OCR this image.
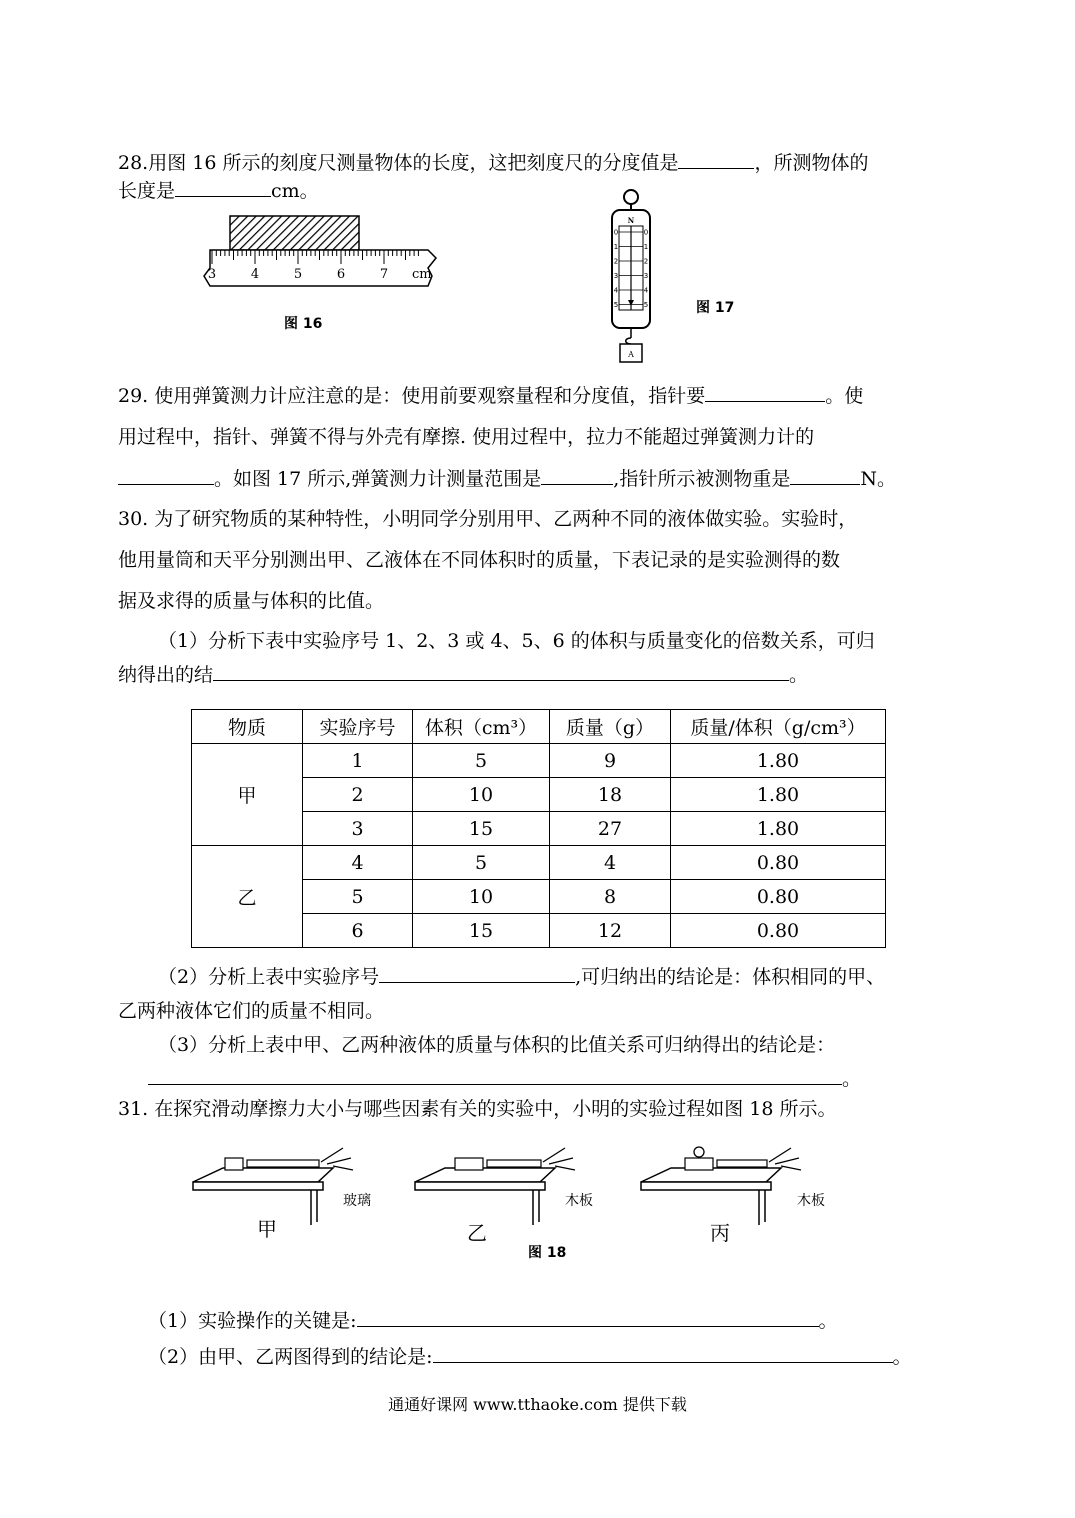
28.用图 16 所示的刻度尺测量物体的长度，这把刻度尺的分度值是	，所测物体的
长度是	cm。
3	4	5	6	7 cm
图 16
N
0	0
1	1
2	2
3	3
4	4
5	5
A
图 17
29. 使用弹簧测力计应注意的是：使用前要观察量程和分度值，指针要	。使
用过程中，指针、弹簧不得与外壳有摩擦. 使用过程中，拉力不能超过弹簧测力计的
。如图 17 所示,弹簧测力计测量范围是	,指针所示被测物重是	N。
30. 为了研究物质的某种特性，小明同学分别用甲、乙两种不同的液体做实验。实验时，
他用量筒和天平分别测出甲、乙液体在不同体积时的质量，下表记录的是实验测得的数
据及求得的质量与体积的比值。
（1）分析下表中实验序号 1、2、3 或 4、5、6 的体积与质量变化的倍数关系，可归
纳得出的结	。
物质	实验序号	体积（cm³）	质量（g）	质量/体积（g/cm³）
甲	1	5	9	1.80
	2	10	18	1.80
	3	15	27	1.80
乙	4	5	4	0.80
	5	10	8	0.80
	6	15	12	0.80
（2）分析上表中实验序号	,可归纳出的结论是：体积相同的甲、
乙两种液体它们的质量不相同。
（3）分析上表中甲、乙两种液体的质量与体积的比值关系可归纳得出的结论是：
。
31. 在探究滑动摩擦力大小与哪些因素有关的实验中，小明的实验过程如图 18 所示。
玻璃	木板	木板
甲	乙	丙
图 18
（1）实验操作的关键是:	。
（2）由甲、乙两图得到的结论是:	。
通通好课网 www.tthaoke.com 提供下载
